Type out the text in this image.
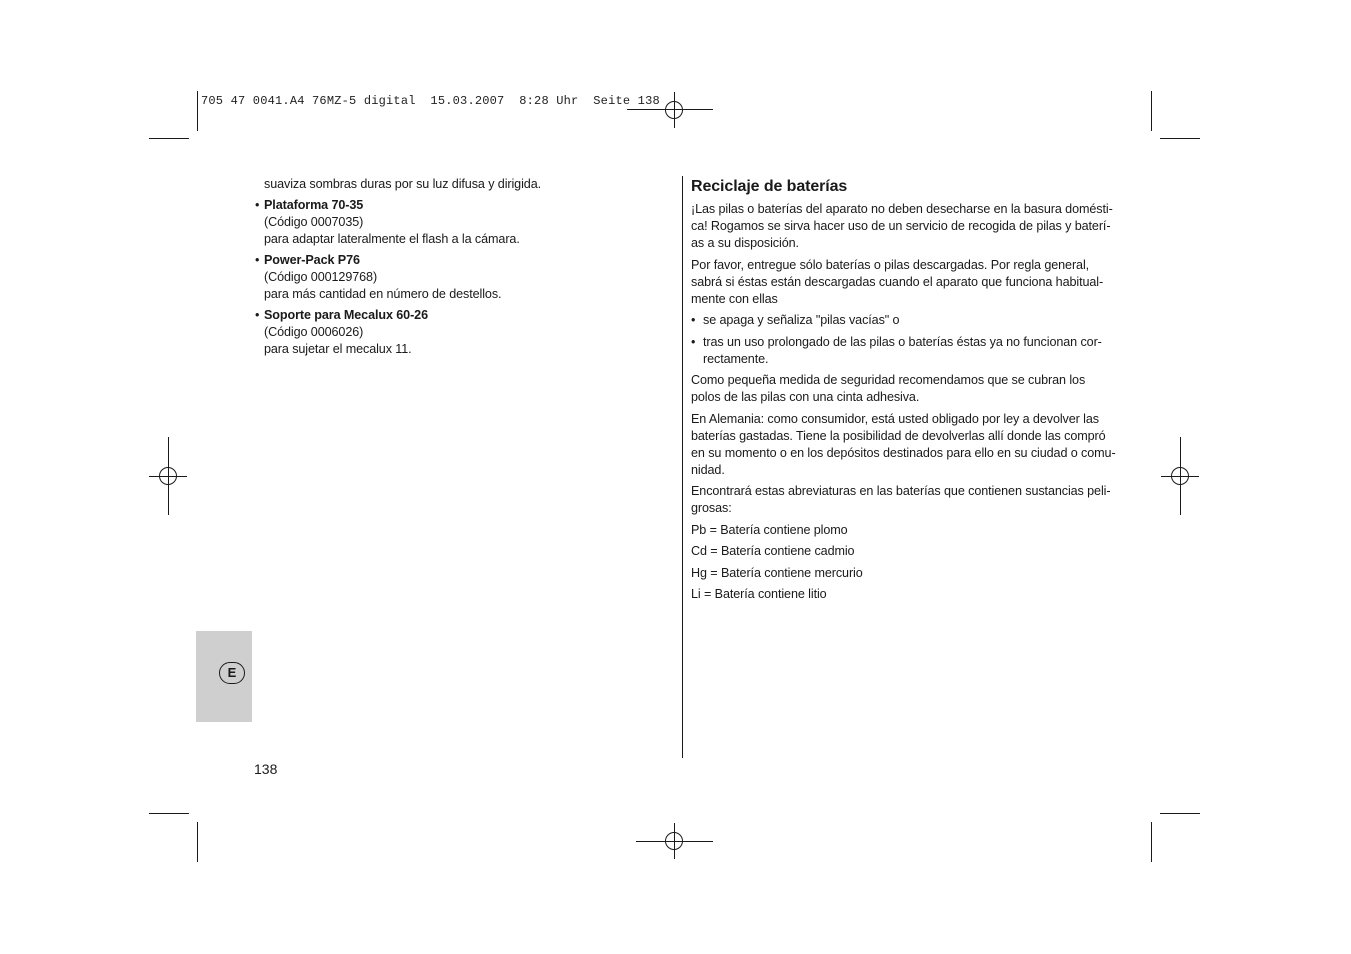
705 47 0041.A4 76MZ-5 digital  15.03.2007  8:28 Uhr  Seite 138

suaviza sombras duras por su luz difusa y dirigida.

• Plataforma 70-35
(Código 0007035)
para adaptar lateralmente el flash a la cámara.
• Power-Pack P76
(Código 000129768)
para más cantidad en número de destellos.
• Soporte para Mecalux 60-26
(Código 0006026)
para sujetar el mecalux 11.
Reciclaje de baterías

¡Las pilas o baterías del aparato no deben desecharse en la basura domésti-ca! Rogamos se sirva hacer uso de un servicio de recogida de pilas y baterí-as a su disposición.

Por favor, entregue sólo baterías o pilas descargadas. Por regla general, sabrá si éstas están descargadas cuando el aparato que funciona habitual-mente con ellas

• se apaga y señaliza "pilas vacías" o
• tras un uso prolongado de las pilas o baterías éstas ya no funcionan cor-rectamente.

Como pequeña medida de seguridad recomendamos que se cubran los polos de las pilas con una cinta adhesiva.

En Alemania: como consumidor, está usted obligado por ley a devolver las baterías gastadas. Tiene la posibilidad de devolverlas allí donde las compró en su momento o en los depósitos destinados para ello en su ciudad o comu-nidad.

Encontrará estas abreviaturas en las baterías que contienen sustancias peli-grosas:

Pb = Batería contiene plomo

Cd = Batería contiene cadmio

Hg = Batería contiene mercurio

Li = Batería contiene litio

E
138
